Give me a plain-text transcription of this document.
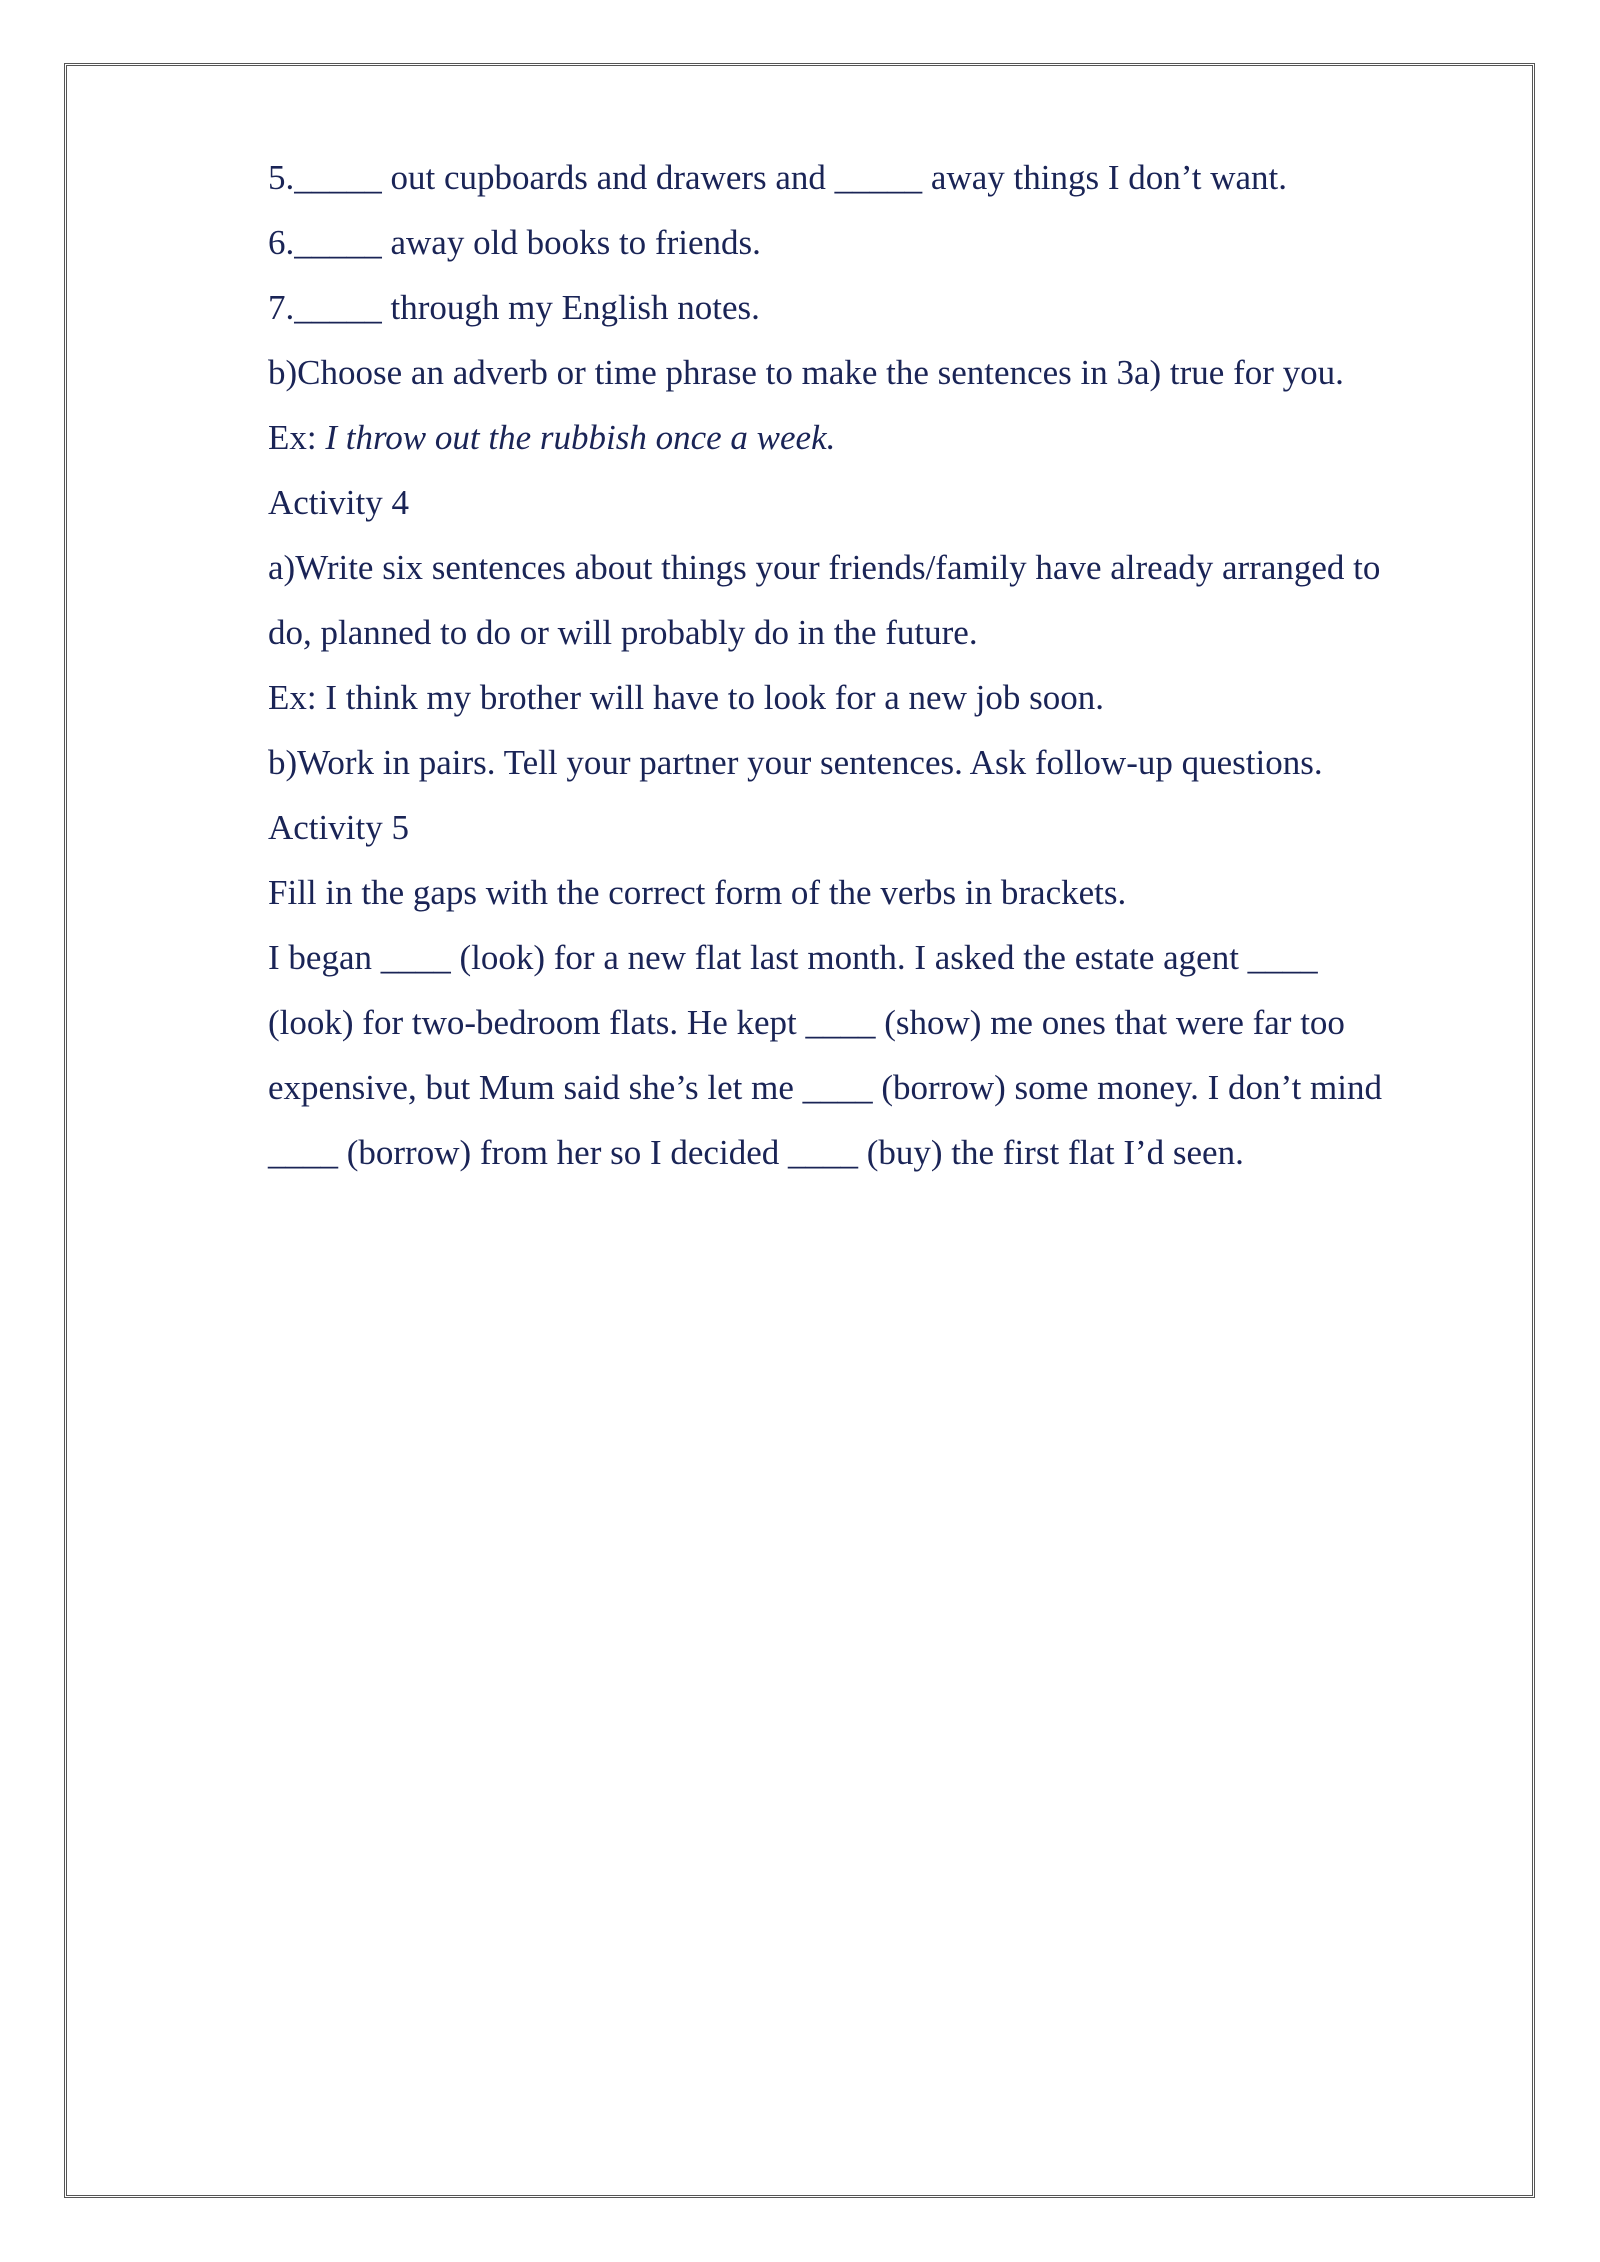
5._____ out cupboards and drawers and _____ away things I don’t want.

6._____ away old books to friends.

7._____ through my English notes.

b)Choose an adverb or time phrase to make the sentences in 3a) true for you.

Ex: I throw out the rubbish once a week.

Activity 4

a)Write six sentences about things your friends/family have already arranged to

do, planned to do or will probably do in the future.

Ex: I think my brother will have to look for a new job soon.

b)Work in pairs. Tell your partner your sentences. Ask follow-up questions.

Activity 5

Fill in the gaps with the correct form of the verbs in brackets.

I began ____ (look) for a new flat last month. I asked the estate agent ____

(look) for two-bedroom flats. He kept ____ (show) me ones that were far too

expensive, but Mum said she’s let me ____ (borrow) some money. I don’t mind

____ (borrow) from her so I decided ____ (buy) the first flat I’d seen.
